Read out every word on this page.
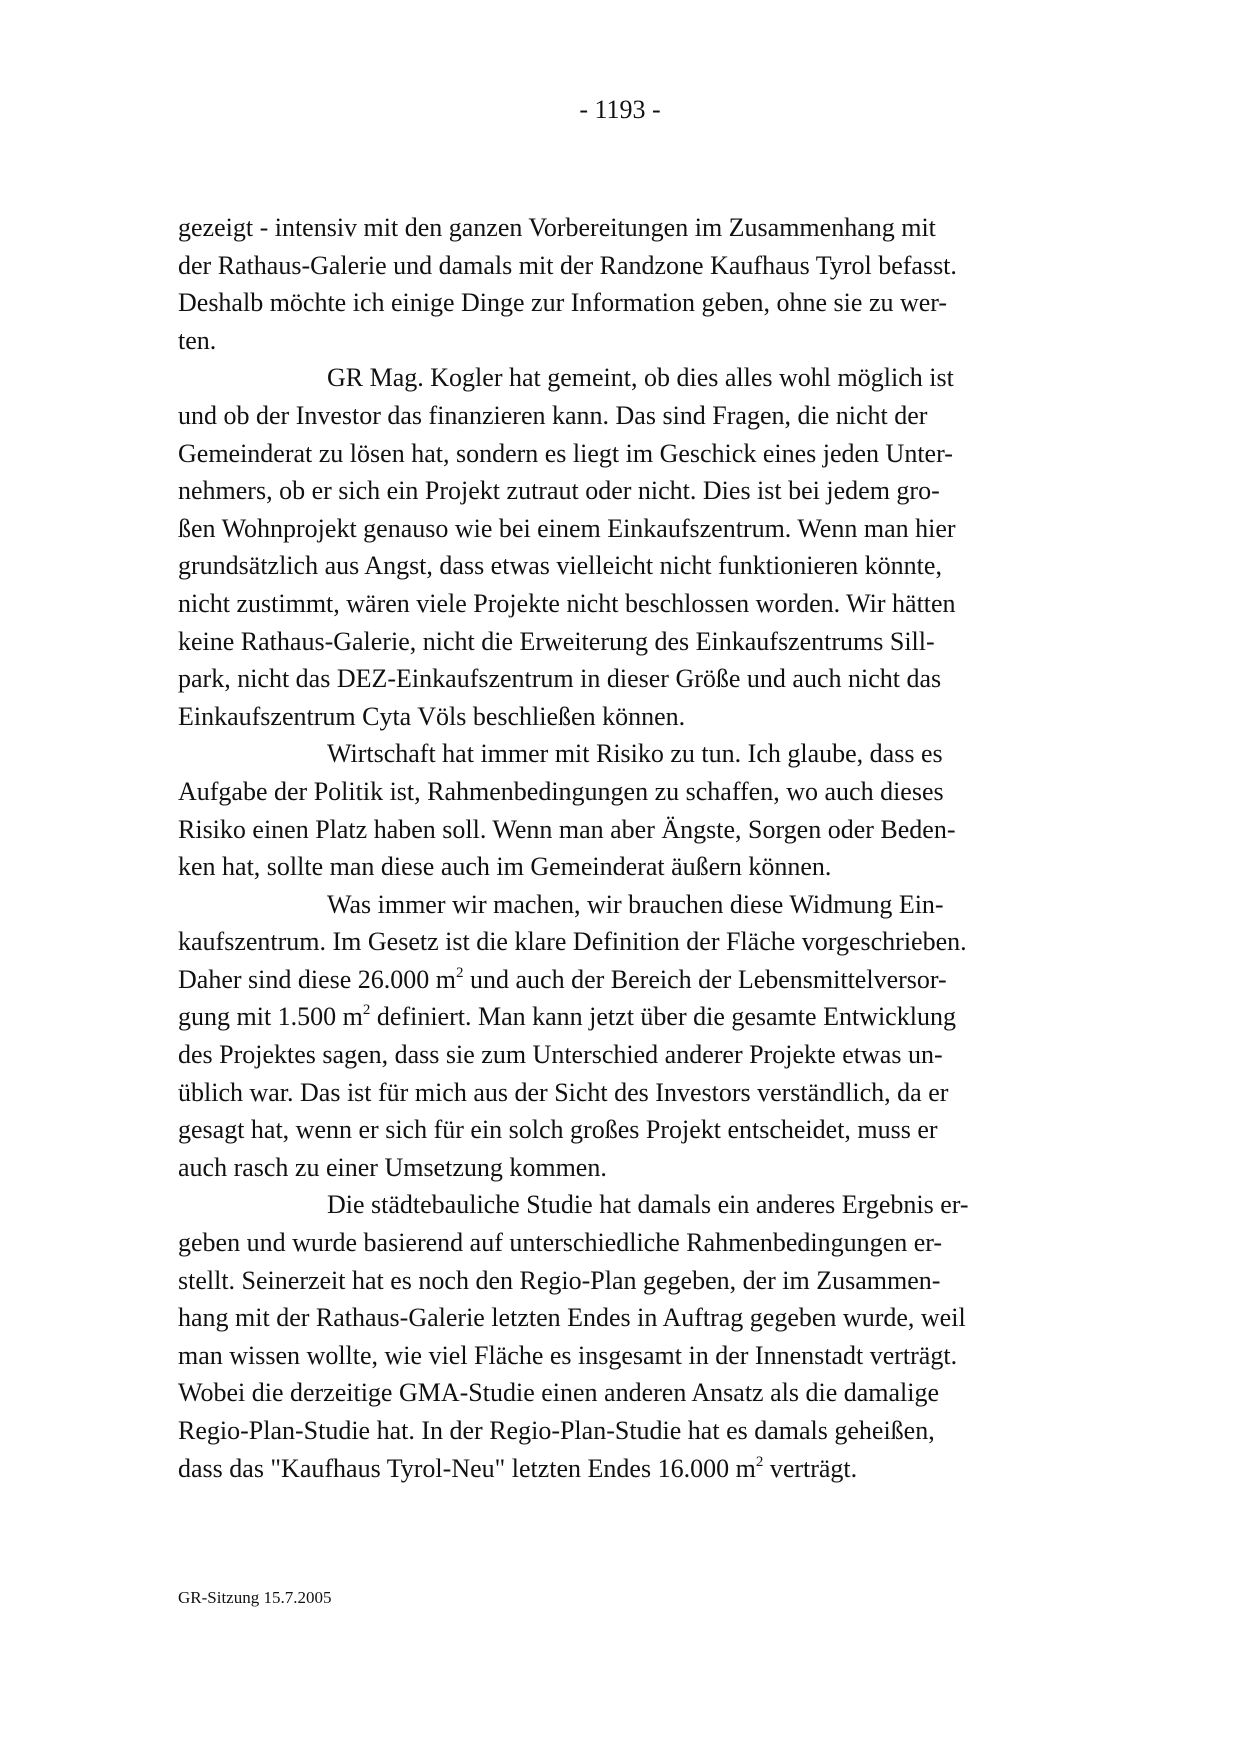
- 1193 -
gezeigt - intensiv mit den ganzen Vorbereitungen im Zusammenhang mit
der Rathaus-Galerie und damals mit der Randzone Kaufhaus Tyrol befasst.
Deshalb möchte ich einige Dinge zur Information geben, ohne sie zu wer-
ten.
GR Mag. Kogler hat gemeint, ob dies alles wohl möglich ist
und ob der Investor das finanzieren kann. Das sind Fragen, die nicht der
Gemeinderat zu lösen hat, sondern es liegt im Geschick eines jeden Unter-
nehmers, ob er sich ein Projekt zutraut oder nicht. Dies ist bei jedem gro-
ßen Wohnprojekt genauso wie bei einem Einkaufszentrum. Wenn man hier
grundsätzlich aus Angst, dass etwas vielleicht nicht funktionieren könnte,
nicht zustimmt, wären viele Projekte nicht beschlossen worden. Wir hätten
keine Rathaus-Galerie, nicht die Erweiterung des Einkaufszentrums Sill-
park, nicht das DEZ-Einkaufszentrum in dieser Größe und auch nicht das
Einkaufszentrum Cyta Völs beschließen können.
Wirtschaft hat immer mit Risiko zu tun. Ich glaube, dass es
Aufgabe der Politik ist, Rahmenbedingungen zu schaffen, wo auch dieses
Risiko einen Platz haben soll. Wenn man aber Ängste, Sorgen oder Beden-
ken hat, sollte man diese auch im Gemeinderat äußern können.
Was immer wir machen, wir brauchen diese Widmung Ein-
kaufszentrum. Im Gesetz ist die klare Definition der Fläche vorgeschrieben.
Daher sind diese 26.000 $m^2$ und auch der Bereich der Lebensmittelversor-
gung mit 1.500 $m^2$ definiert. Man kann jetzt über die gesamte Entwicklung
des Projektes sagen, dass sie zum Unterschied anderer Projekte etwas un-
üblich war. Das ist für mich aus der Sicht des Investors verständlich, da er
gesagt hat, wenn er sich für ein solch großes Projekt entscheidet, muss er
auch rasch zu einer Umsetzung kommen.
Die städtebauliche Studie hat damals ein anderes Ergebnis er-
geben und wurde basierend auf unterschiedliche Rahmenbedingungen er-
stellt. Seinerzeit hat es noch den Regio-Plan gegeben, der im Zusammen-
hang mit der Rathaus-Galerie letzten Endes in Auftrag gegeben wurde, weil
man wissen wollte, wie viel Fläche es insgesamt in der Innenstadt verträgt.
Wobei die derzeitige GMA-Studie einen anderen Ansatz als die damalige
Regio-Plan-Studie hat. In der Regio-Plan-Studie hat es damals geheißen,
dass das "Kaufhaus Tyrol-Neu" letzten Endes 16.000 $m^2$ verträgt.
GR-Sitzung 15.7.2005
